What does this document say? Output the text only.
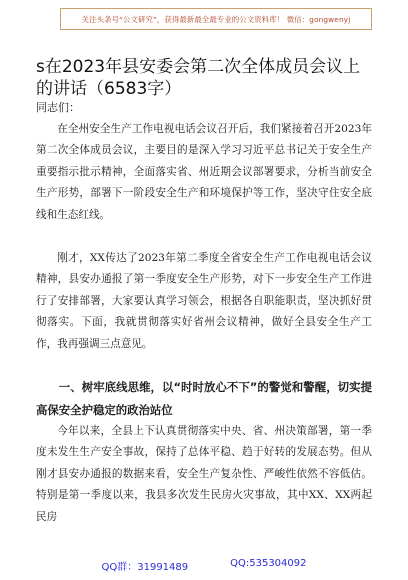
关注头条号“公文研究”，获得最新最全最专业的公文资料库！ 微信：gongwenyj
s在2023年县安委会第二次全体成员会议上的讲话（6583字）
同志们：

在全州安全生产工作电视电话会议召开后，我们紧接着召开2023年第二次全体成员会议，主要目的是深入学习习近平总书记关于安全生产重要指示批示精神，全面落实省、州近期会议部署要求，分析当前安全生产形势，部署下一阶段安全生产和环境保护等工作，坚决守住安全底线和生态红线。

刚才，XX传达了2023年第二季度全省安全生产工作电视电话会议精神，县安办通报了第一季度安全生产形势，对下一步安全生产工作进行了安排部署，大家要认真学习领会，根据各自职能职责，坚决抓好贯彻落实。下面，我就贯彻落实好省州会议精神，做好全县安全生产工作，我再强调三点意见。

一、树牢底线思维，以“时时放心不下”的警觉和警醒，切实提高保安全护稳定的政治站位

今年以来，全县上下认真贯彻落实中央、省、州决策部署，第一季度未发生生产安全事故，保持了总体平稳、趋于好转的发展态势。但从刚才县安办通报的数据来看，安全生产复杂性、严峻性依然不容低估。特别是第一季度以来，我县多次发生民房火灾事故，其中XX、XX两起民房

QQ群：31991489	QQ:535304092
